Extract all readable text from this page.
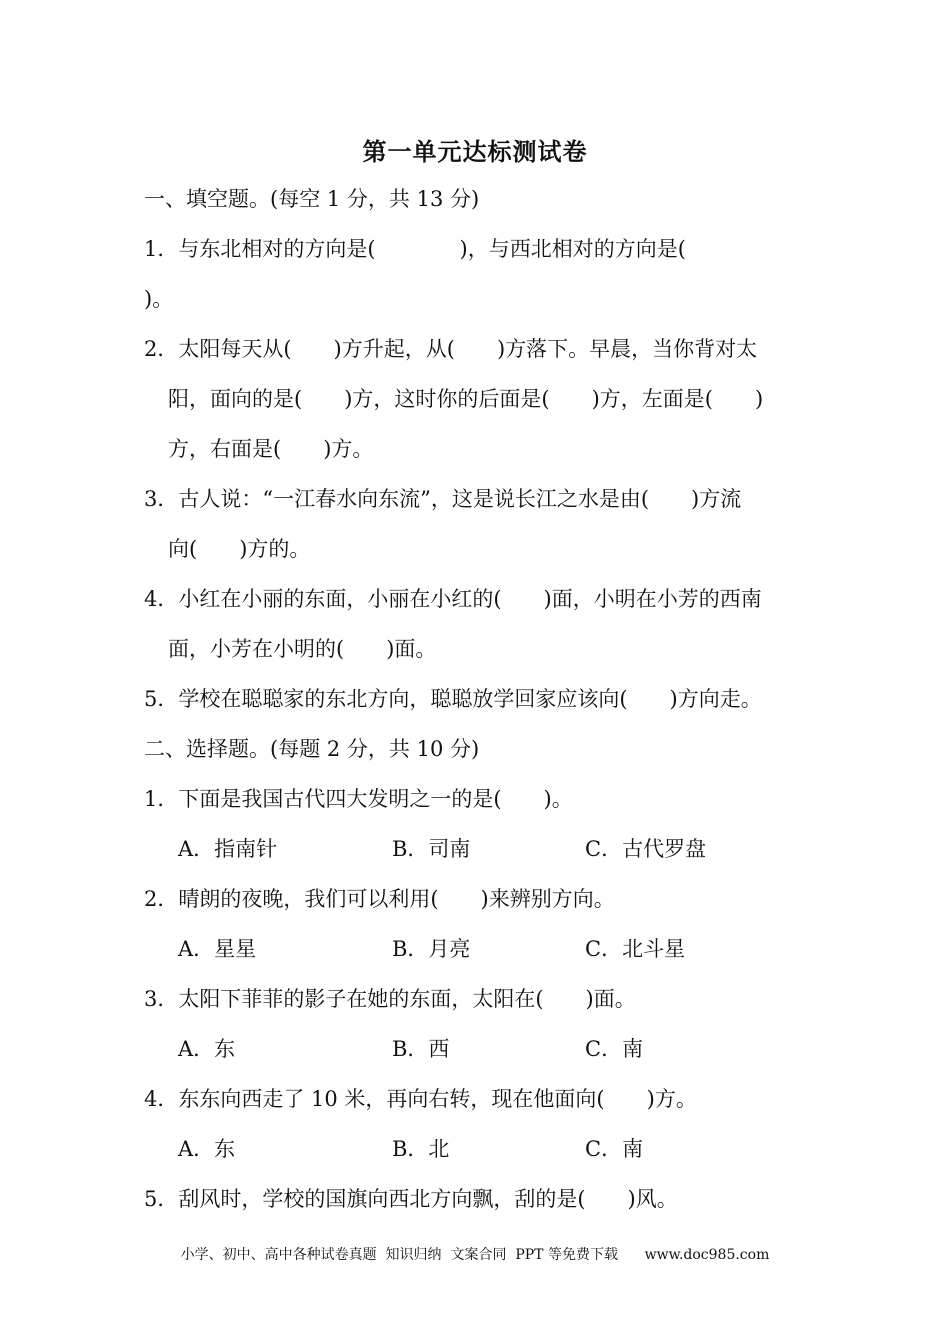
第一单元达标测试卷
一、填空题。(每空 1 分，共 13 分)
1．与东北相对的方向是(　　　　)，与西北相对的方向是(
)。
2．太阳每天从(　　)方升起，从(　　)方落下。早晨，当你背对太
阳，面向的是(　　)方，这时你的后面是(　　)方，左面是(　　)
方，右面是(　　)方。
3．古人说：“一江春水向东流”，这是说长江之水是由(　　)方流
向(　　)方的。
4．小红在小丽的东面，小丽在小红的(　　)面，小明在小芳的西南
面，小芳在小明的(　　)面。
5．学校在聪聪家的东北方向，聪聪放学回家应该向(　　)方向走。
二、选择题。(每题 2 分，共 10 分)
1．下面是我国古代四大发明之一的是(　　)。
A．指南针	B．司南	C．古代罗盘
2．晴朗的夜晚，我们可以利用(　　)来辨别方向。
A．星星	B．月亮	C．北斗星
3．太阳下菲菲的影子在她的东面，太阳在(　　)面。
A．东	B．西	C．南
4．东东向西走了 10 米，再向右转，现在他面向(　　)方。
A．东	B．北	C．南
5．刮风时，学校的国旗向西北方向飘，刮的是(　　)风。
小学、初中、高中各种试卷真题  知识归纳  文案合同  PPT 等免费下载      www.doc985.com
